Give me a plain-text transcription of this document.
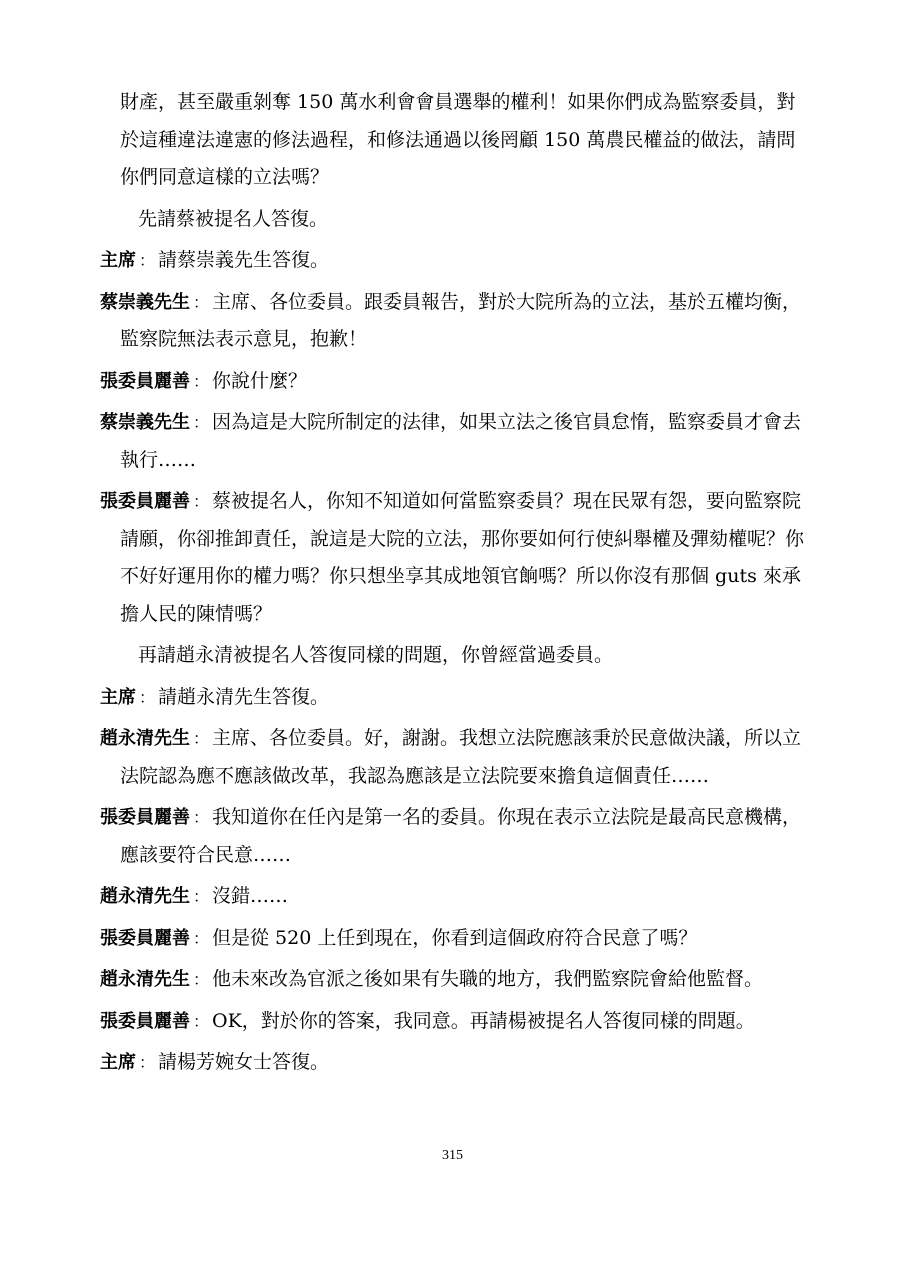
財產，甚至嚴重剝奪 150 萬水利會會員選舉的權利！如果你們成為監察委員，對於這種違法違憲的修法過程，和修法通過以後罔顧 150 萬農民權益的做法，請問你們同意這樣的立法嗎？

先請蔡被提名人答復。

主席 ： 請蔡崇義先生答復。

蔡崇義先生 ： 主席、各位委員。跟委員報告，對於大院所為的立法，基於五權均衡，監察院無法表示意見，抱歉！

張委員麗善 ： 你說什麼？

蔡崇義先生 ： 因為這是大院所制定的法律，如果立法之後官員怠惰，監察委員才會去執行……

張委員麗善 ： 蔡被提名人，你知不知道如何當監察委員？現在民眾有怨，要向監察院請願，你卻推卸責任，說這是大院的立法，那你要如何行使糾舉權及彈劾權呢？你不好好運用你的權力嗎？你只想坐享其成地領官餉嗎？所以你沒有那個 guts 來承擔人民的陳情嗎？

再請趙永清被提名人答復同樣的問題，你曾經當過委員。

主席 ： 請趙永清先生答復。

趙永清先生 ： 主席、各位委員。好，謝謝。我想立法院應該秉於民意做決議，所以立法院認為應不應該做改革，我認為應該是立法院要來擔負這個責任……

張委員麗善 ： 我知道你在任內是第一名的委員。你現在表示立法院是最高民意機構，應該要符合民意……

趙永清先生 ： 沒錯……

張委員麗善 ： 但是從 520 上任到現在，你看到這個政府符合民意了嗎？

趙永清先生 ： 他未來改為官派之後如果有失職的地方，我們監察院會給他監督。

張委員麗善 ： OK，對於你的答案，我同意。再請楊被提名人答復同樣的問題。

主席 ： 請楊芳婉女士答復。

315
